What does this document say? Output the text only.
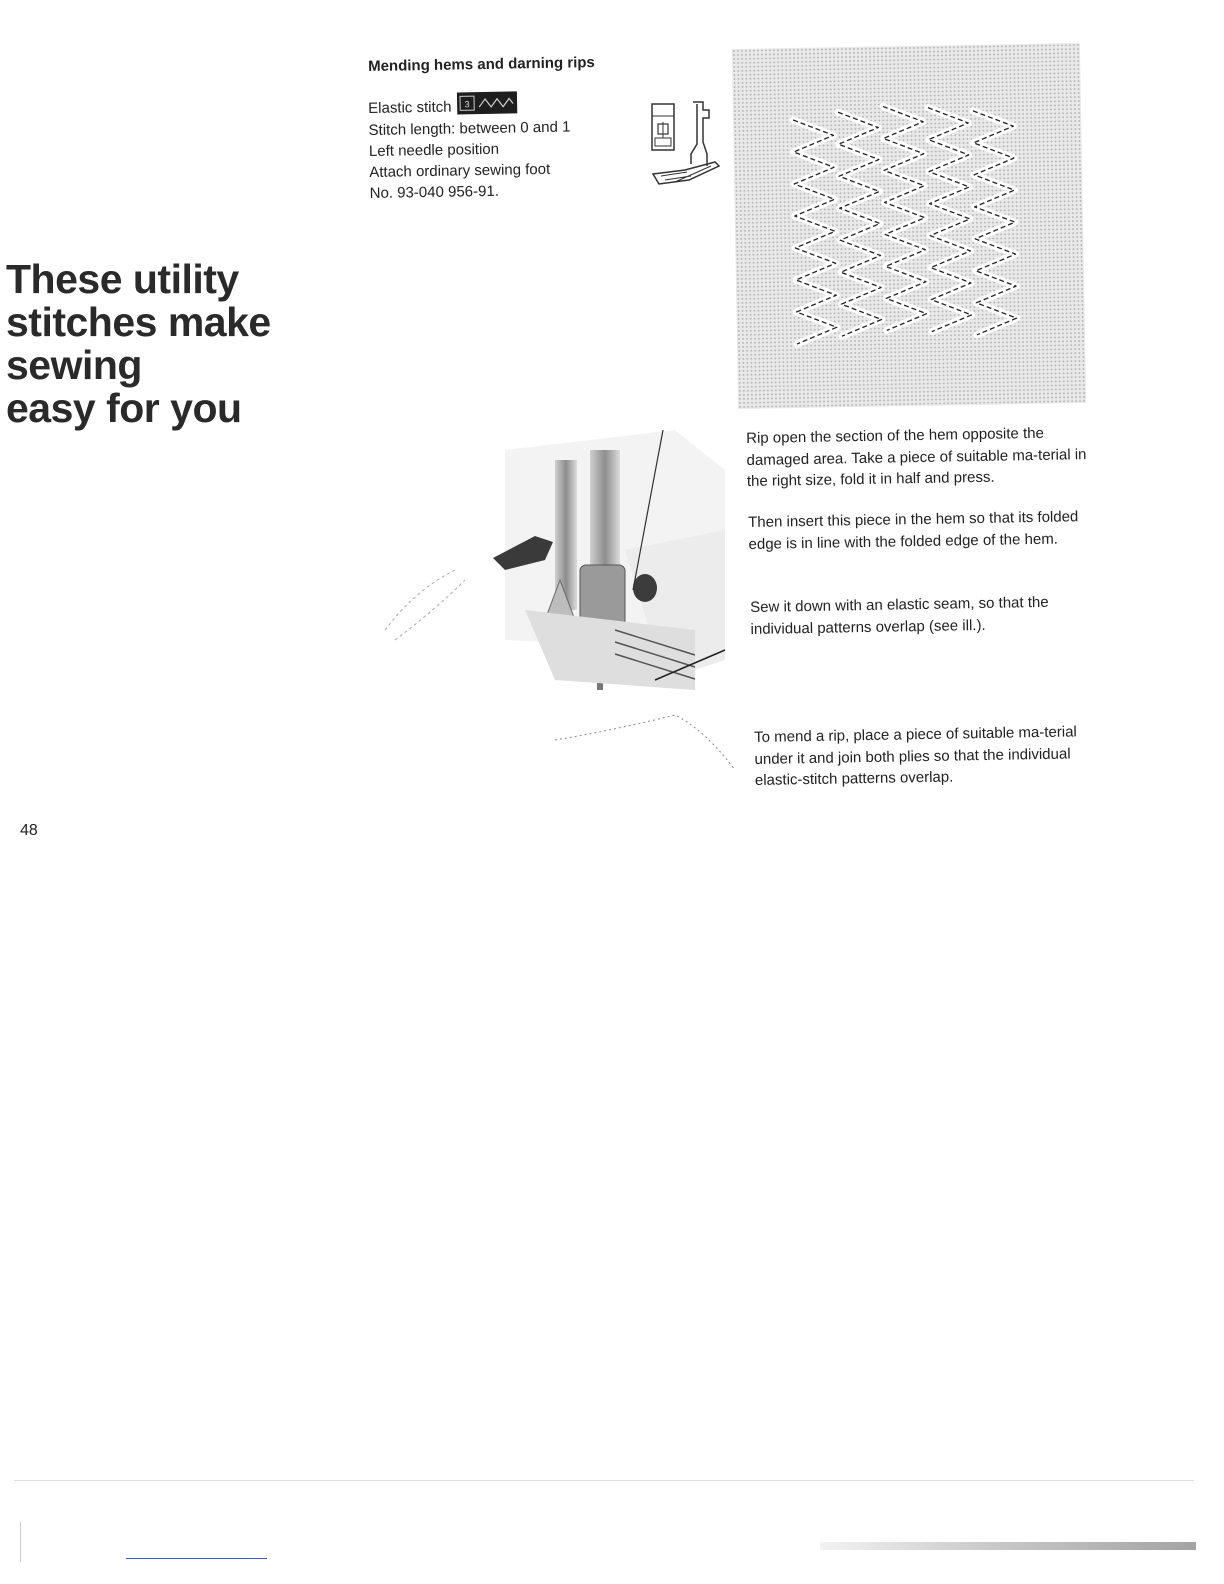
These utility
stitches make
sewing
easy for you
48
Mending hems and darning rips
Elastic stitch 3
Stitch length: between 0 and 1
Left needle position
Attach ordinary sewing foot
No. 93-040 956-91.
Rip open the section of the hem opposite the damaged area. Take a piece of suitable ma-terial in the right size, fold it in half and press.
Then insert this piece in the hem so that its folded edge is in line with the folded edge of the hem.
Sew it down with an elastic seam, so that the individual patterns overlap (see ill.).
To mend a rip, place a piece of suitable ma-terial under it and join both plies so that the individual elastic-stitch patterns overlap.
